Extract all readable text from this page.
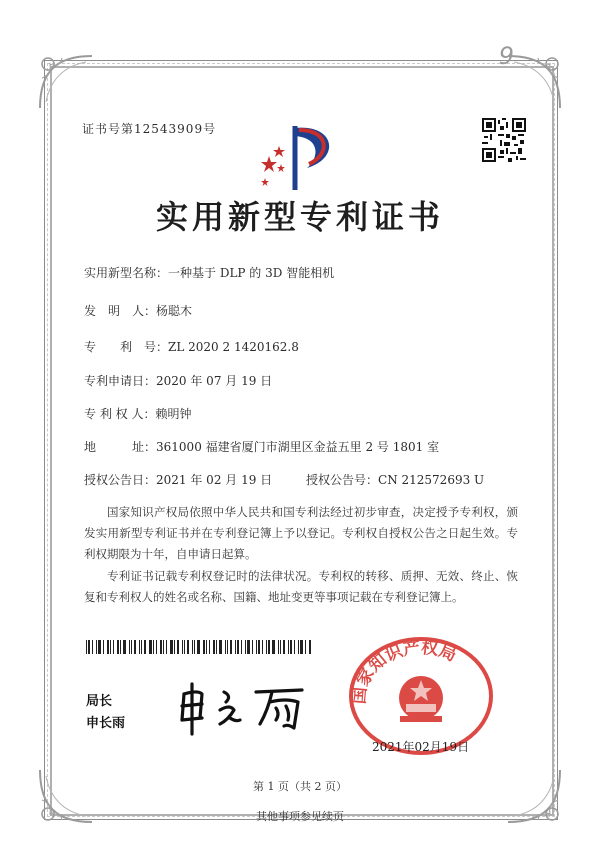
9
证书号第12543909号
实用新型专利证书
实用新型名称：一种基于 DLP 的 3D 智能相机
发　明　人：杨聪木
专　　利　号：ZL 2020 2 1420162.8
专利申请日：2020 年 07 月 19 日
专 利 权 人：赖明钟
地　　　址：361000 福建省厦门市湖里区金益五里 2 号 1801 室
授权公告日：2021 年 02 月 19 日	授权公告号：CN 212572693 U
国家知识产权局依照中华人民共和国专利法经过初步审查，决定授予专利权，颁发实用新型专利证书并在专利登记簿上予以登记。专利权自授权公告之日起生效。专利权期限为十年，自申请日起算。
专利证书记载专利权登记时的法律状况。专利权的转移、质押、无效、终止、恢复和专利权人的姓名或名称、国籍、地址变更等事项记载在专利登记簿上。
局长
申长雨
国家知识产权局
2021年02月19日
第 1 页（共 2 页）
其他事项参见续页
